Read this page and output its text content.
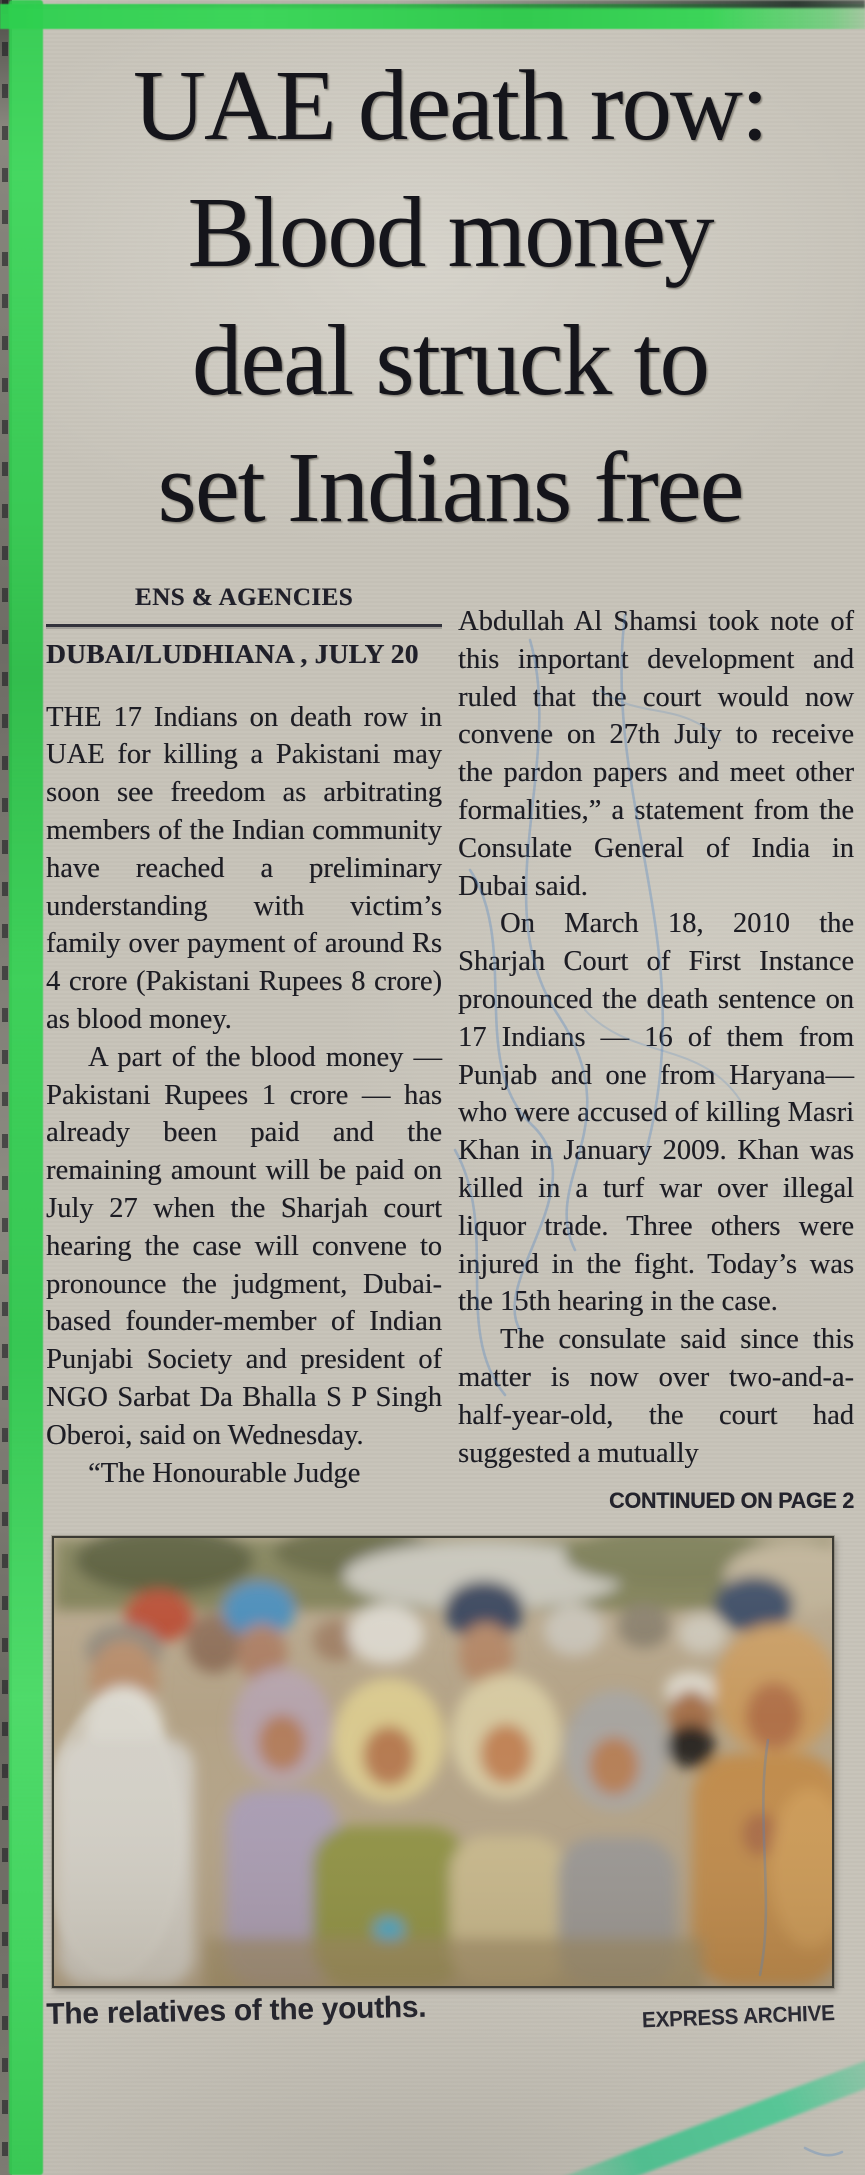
UAE death row:
Blood money
deal struck to
set Indians free
ENS & AGENCIES
DUBAI/LUDHIANA , JULY 20

THE 17 Indians on death row in UAE for killing a Pakistani may soon see freedom as arbitrating members of the Indian community have reached a preliminary understanding with victim’s family over payment of around Rs 4 crore (Pakistani Rupees 8 crore) as blood money.

A part of the blood money — Pakistani Rupees 1 crore — has already been paid and the remaining amount will be paid on July 27 when the Sharjah court hearing the case will convene to pronounce the judgment, Dubai-based founder-member of Indian Punjabi Society and president of NGO Sarbat Da Bhalla S P Singh Oberoi, said on Wednesday.

“The Honourable Judge

Abdullah Al Shamsi took note of this important development and ruled that the court would now convene on 27th July to receive the pardon papers and meet other formalities,” a statement from the Consulate General of India in Dubai said.

On March 18, 2010 the Sharjah Court of First Instance pronounced the death sentence on 17 Indians — 16 of them from Punjab and one from Haryana—who were accused of killing Masri Khan in January 2009. Khan was killed in a turf war over illegal liquor trade. Three others were injured in the fight. Today’s was the 15th hearing in the case.

The consulate said since this matter is now over two-and-a-half-year-old, the court had suggested a mutually

CONTINUED ON PAGE 2
The relatives of the youths.	EXPRESS ARCHIVE
